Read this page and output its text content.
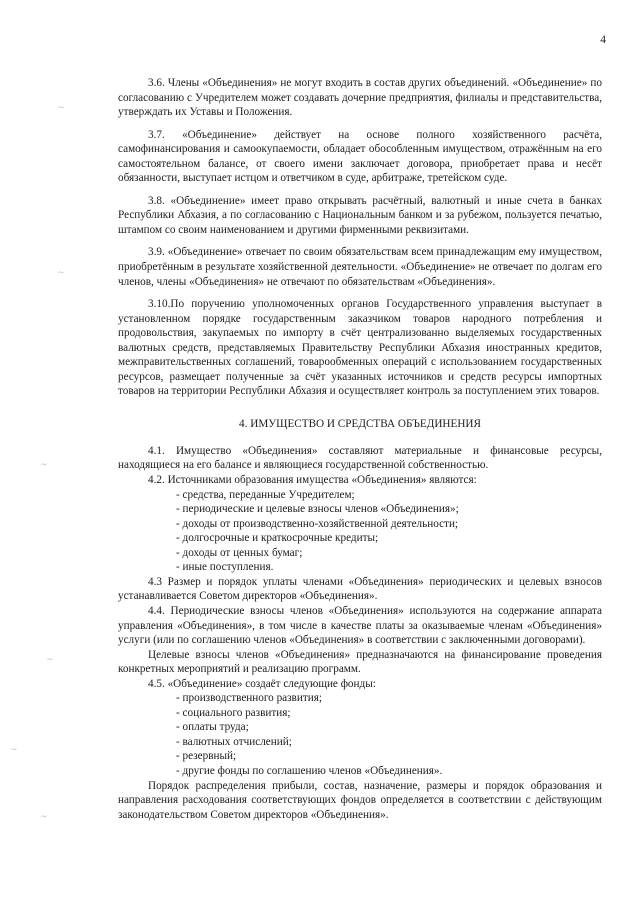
4
∼
∼
∼
∼
∼
∼

3.6. Члены «Объединения» не могут входить в состав других объединений. «Объединение» по согласованию с Учредителем может создавать дочерние предприятия, филиалы и представительства, утверждать их Уставы и Положения.

3.7. «Объединение» действует на основе полного хозяйственного расчёта, самофинансирования и самоокупаемости, обладает обособленным имуществом, отражённым на его самостоятельном балансе, от своего имени заключает договора, приобретает права и несёт обязанности, выступает истцом и ответчиком в суде, арбитраже, третейском суде.

3.8. «Объединение» имеет право открывать расчётный, валютный и иные счета в банках Республики Абхазия, а по согласованию с Национальным банком и за рубежом, пользуется печатью, штампом со своим наименованием и другими фирменными реквизитами.

3.9. «Объединение» отвечает по своим обязательствам всем принадлежащим ему имуществом, приобретённым в результате хозяйственной деятельности. «Объединение» не отвечает по долгам его членов, члены «Объединения» не отвечают по обязательствам «Объединения».

3.10.По поручению уполномоченных органов Государственного управления выступает в установленном порядке государственным заказчиком товаров народного потребления и продовольствия, закупаемых по импорту в счёт централизованно выделяемых государственных валютных средств, представляемых Правительству Республики Абхазия иностранных кредитов, межправительственных соглашений, товарообменных операций с использованием государственных ресурсов, размещает полученные за счёт указанных источников и средств ресурсы импортных товаров на территории Республики Абхазия и осуществляет контроль за поступлением этих товаров.

4. ИМУЩЕСТВО И СРЕДСТВА ОБЪЕДИНЕНИЯ

4.1. Имущество «Объединения» составляют материальные и финансовые ресурсы, находящиеся на его балансе и являющиеся государственной собственностью.

4.2. Источниками образования имущества «Объединения» являются:

- средства, переданные Учредителем;

- периодические и целевые взносы членов «Объединения»;

- доходы от производственно-хозяйственной деятельности;

- долгосрочные и краткосрочные кредиты;

- доходы от ценных бумаг;

- иные поступления.

4.3 Размер и порядок уплаты членами «Объединения» периодических и целевых взносов устанавливается Советом директоров «Объединения».

4.4. Периодические взносы членов «Объединения» используются на содержание аппарата управления «Объединения», в том числе в качестве платы за оказываемые членам «Объединения» услуги (или по соглашению членов «Объединения» в соответствии с заключенными договорами).

Целевые взносы членов «Объединения» предназначаются на финансирование проведения конкретных мероприятий и реализацию программ.

4.5. «Объединение» создаёт следующие фонды:

- производственного развития;

- социального развития;

- оплаты труда;

- валютных отчислений;

- резервный;

- другие фонды по соглашению членов «Объединения».

Порядок распределения прибыли, состав, назначение, размеры и порядок образования и направления расходования соответствующих фондов определяется в соответствии с действующим законодательством Советом директоров «Объединения».
